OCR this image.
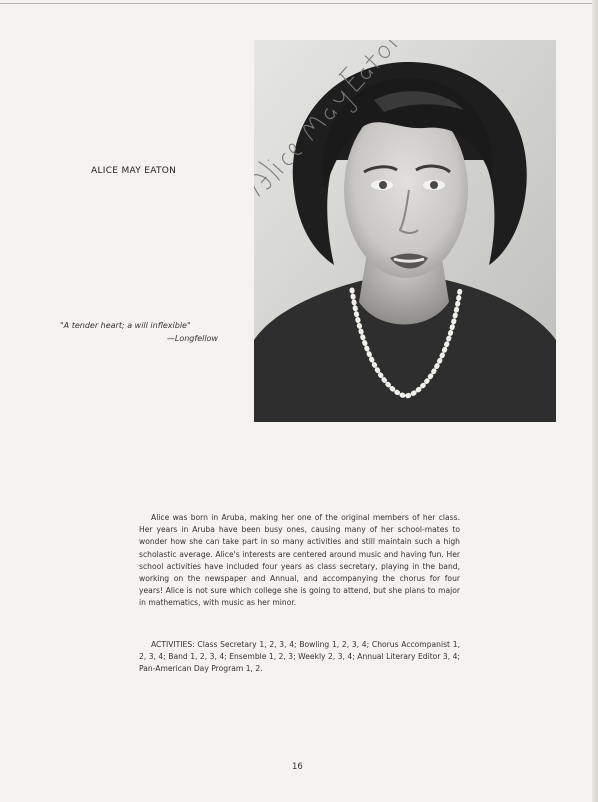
ALICE MAY EATON
"A tender heart; a will inflexible"
—Longfellow

Alice was born in Aruba, making her one of the original members of her class. Her years in Aruba have been busy ones, causing many of her school-mates to wonder how she can take part in so many activities and still maintain such a high scholastic average. Alice's interests are centered around music and having fun. Her school activities have included four years as class secretary, playing in the band, working on the newspaper and Annual, and accompanying the chorus for four years! Alice is not sure which college she is going to attend, but she plans to major in mathematics, with music as her minor.

ACTIVITIES: Class Secretary 1, 2, 3, 4; Bowling 1, 2, 3, 4; Chorus Accompanist 1, 2, 3, 4; Band 1, 2, 3, 4; Ensemble 1, 2, 3; Weekly 2, 3, 4; Annual Literary Editor 3, 4; Pan-American Day Program 1, 2.

16
